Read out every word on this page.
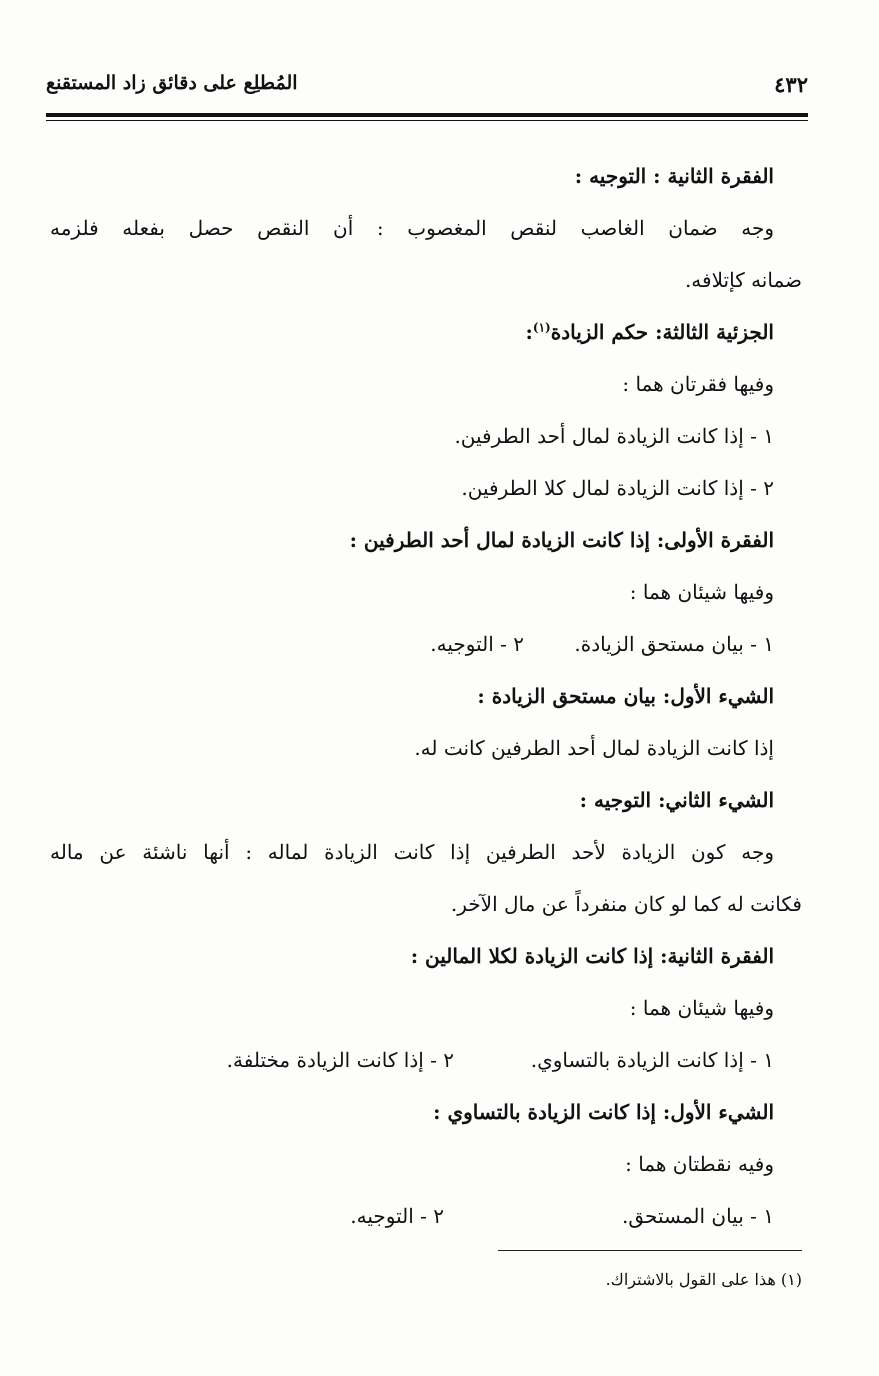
٤٣٢
المُطلِع على دقائق زاد المستقنع
الفقرة الثانية : التوجيه :
وجه ضمان الغاصب لنقص المغصوب : أن النقص حصل بفعله فلزمه
ضمانه كإتلافه.
الجزئية الثالثة: حكم الزيادة$^{(١)}$:
وفيها فقرتان هما :
١ - إذا كانت الزيادة لمال أحد الطرفين.
٢ - إذا كانت الزيادة لمال كلا الطرفين.
الفقرة الأولى: إذا كانت الزيادة لمال أحد الطرفين :
وفيها شيئان هما :
١ - بيان مستحق الزيادة.
٢ - التوجيه.
الشيء الأول: بيان مستحق الزيادة :
إذا كانت الزيادة لمال أحد الطرفين كانت له.
الشيء الثاني: التوجيه :
وجه كون الزيادة لأحد الطرفين إذا كانت الزيادة لماله : أنها ناشئة عن ماله
فكانت له كما لو كان منفرداً عن مال الآخر.
الفقرة الثانية: إذا كانت الزيادة لكلا المالين :
وفيها شيئان هما :
١ - إذا كانت الزيادة بالتساوي.
٢ - إذا كانت الزيادة مختلفة.
الشيء الأول: إذا كانت الزيادة بالتساوي :
وفيه نقطتان هما :
١ - بيان المستحق.
٢ - التوجيه.
(١) هذا على القول بالاشتراك.
